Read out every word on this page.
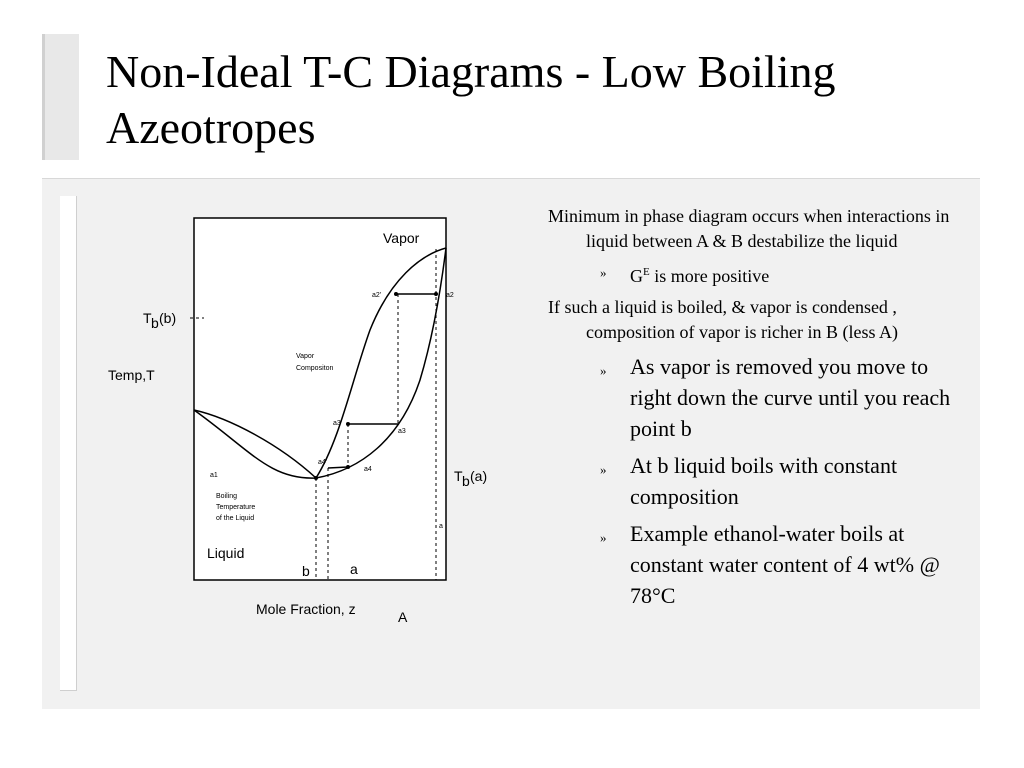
Non-Ideal T-C Diagrams - Low Boiling Azeotropes
Vapor
Liquid
Temp,T
Mole Fraction, z	A
b	a
T b (b)
T b (a)
Vapor
Compositon
Boiling
Temperature
of the Liquid
a1
a2'	a2
a3'
a3
a4'
a4
a
Minimum in phase diagram occurs when interactions in liquid between A & B destabilize the liquid
» $G^E$ is more positive
If such a liquid is boiled, & vapor is condensed , composition of vapor is richer in B (less A)
» As vapor is removed you move to right down the curve until you reach point b
» At b liquid boils with constant composition
» Example ethanol-water boils at constant water content of 4 wt% @ 78°C
